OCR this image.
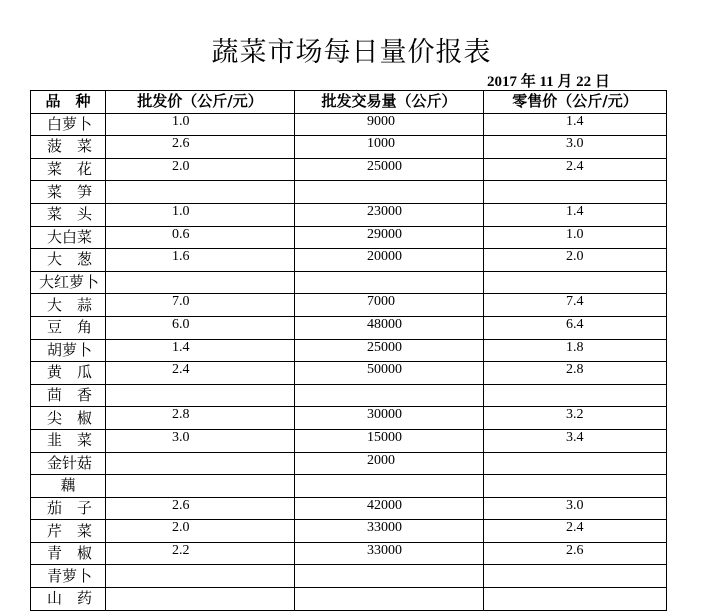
蔬菜市场每日量价报表
2017 年 11 月 22 日
品　种	批发价（公斤/元）	批发交易量（公斤）	零售价（公斤/元）
白萝卜	1.0	9000	1.4
菠　菜	2.6	1000	3.0
菜　花	2.0	25000	2.4
菜　笋			
菜　头	1.0	23000	1.4
大白菜	0.6	29000	1.0
大　葱	1.6	20000	2.0
大红萝卜			
大　蒜	7.0	7000	7.4
豆　角	6.0	48000	6.4
胡萝卜	1.4	25000	1.8
黄　瓜	2.4	50000	2.8
茴　香			
尖　椒	2.8	30000	3.2
韭　菜	3.0	15000	3.4
金针菇		2000	
藕			
茄　子	2.6	42000	3.0
芹　菜	2.0	33000	2.4
青　椒	2.2	33000	2.6
青萝卜			
山　药			
